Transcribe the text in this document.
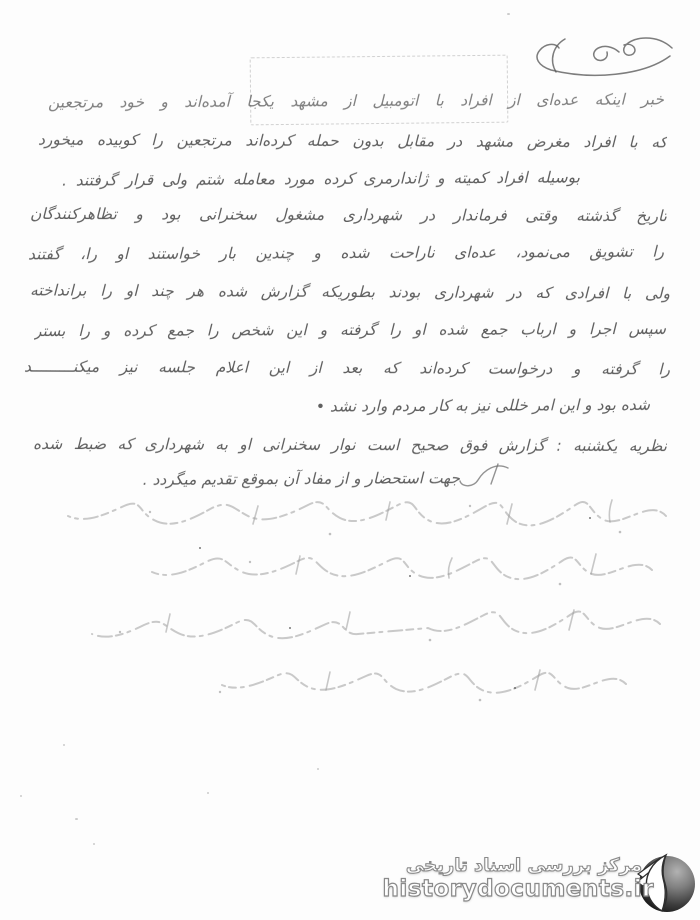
خبر اینکه عده‌ای از افراد با اتومبیل از مشهد یکجا آمده‌اند و خود مرتجعین
که با افراد مغرض مشهد در مقابل بدون حمله کرده‌اند مرتجعین را کوبیده میخورد
بوسیله افراد کمیته و ژاندارمری کرده مورد معامله شتم ولی قرار گرفتند .
تاریخ گذشته وقتی فرماندار در شهرداری مشغول سخنرانی بود و تظاهرکنندگان
را تشویق می‌نمود، عده‌ای ناراحت شده و چندین بار خواستند او را، گفتند
ولی با افرادی که در شهرداری بودند بطوریکه گزارش شده هر چند او را برانداخته
سپس اجرا و ارباب جمع شده او را گرفته و این شخص را جمع کرده و را بستر
را گرفته و درخواست کرده‌اند که بعد از این اعلام جلسه نیز میکنـــــــــد
شده بود و این امر خللی نیز به کار مردم وارد نشد •
نظریه یکشنبه : گزارش فوق صحیح است نوار سخنرانی او به شهرداری که ضبط شده
جهت استحضار و از مفاد آن بموقع تقدیم میگردد .
مرکز بررسی اسناد تاریخی
historydocuments.ir
